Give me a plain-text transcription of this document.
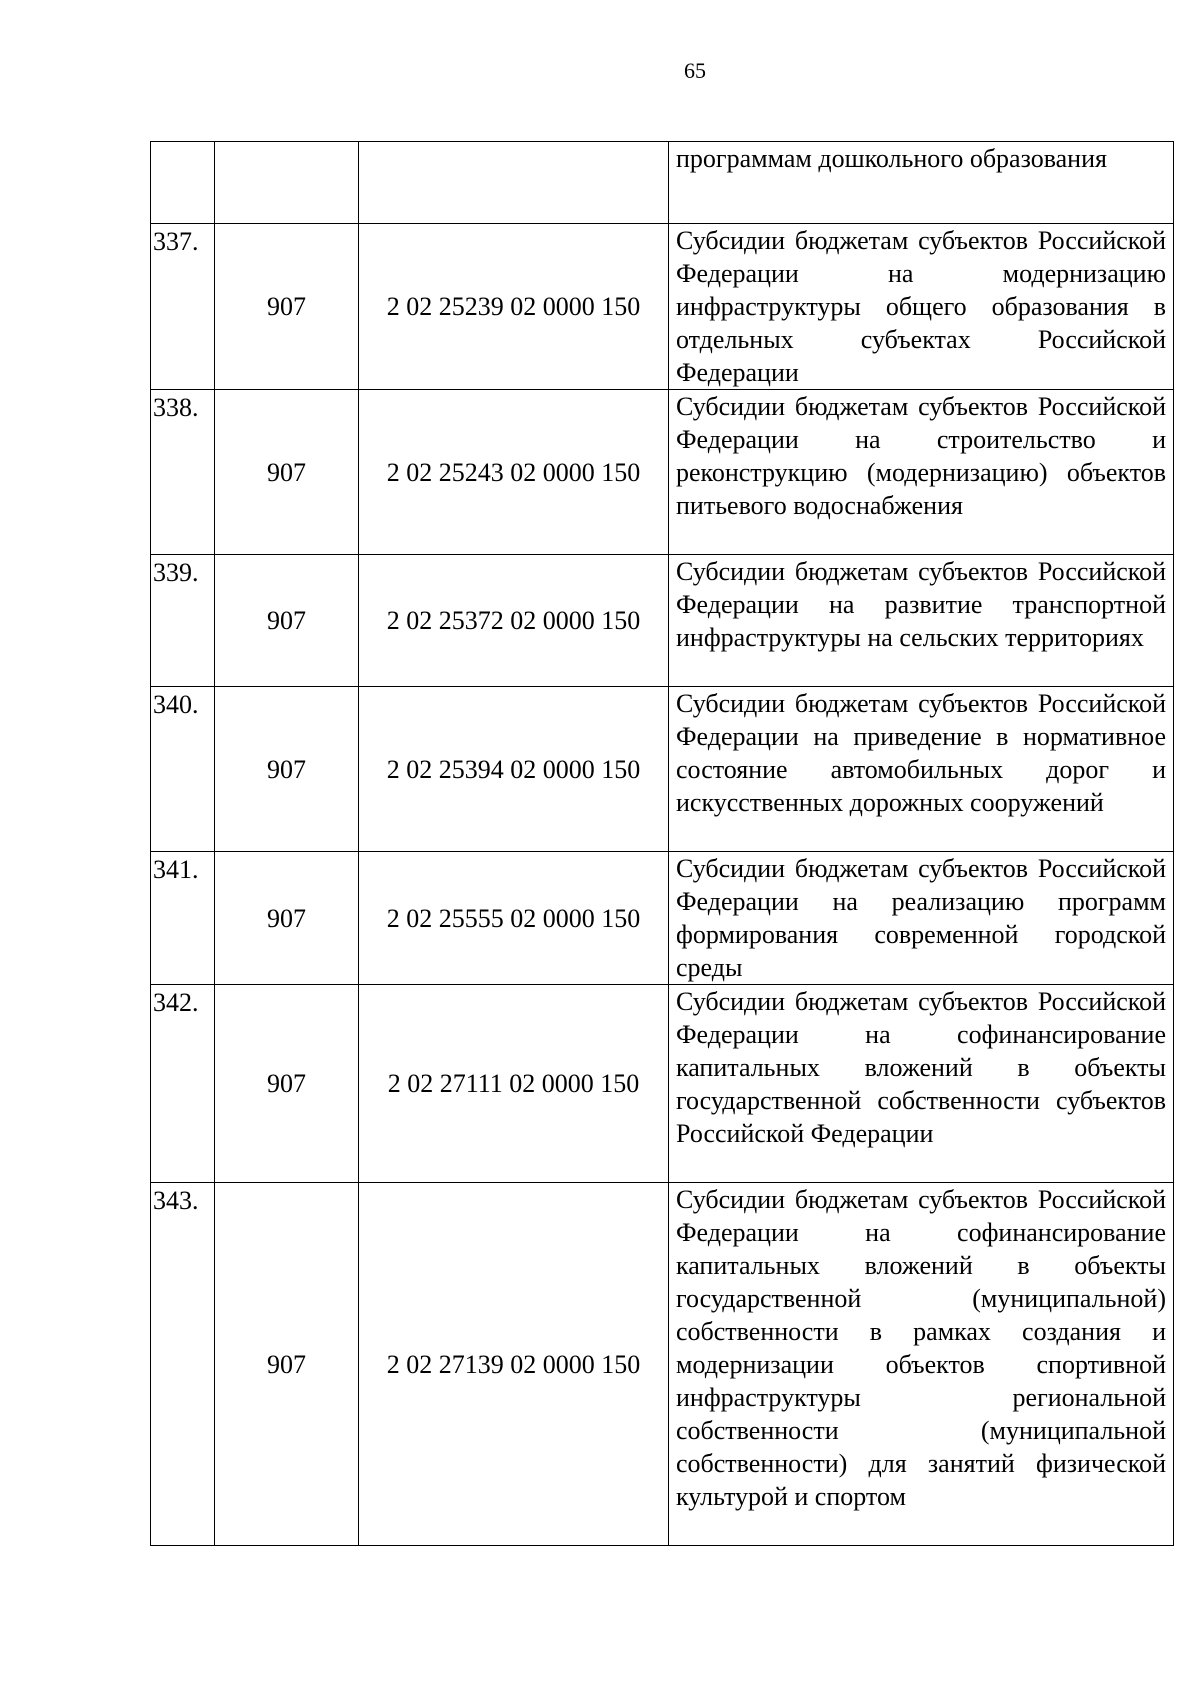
65

			программам дошкольного образования

337.	907	2 02 25239 02 0000 150	Субсидии бюджетам субъектов Российской Федерации на модернизацию инфраструктуры общего образования в отдельных субъектах Российской Федерации

338.	907	2 02 25243 02 0000 150	Субсидии бюджетам субъектов Российской Федерации на строительство и реконструкцию (модернизацию) объектов питьевого водоснабжения

339.	907	2 02 25372 02 0000 150	Субсидии бюджетам субъектов Российской Федерации на развитие транспортной инфраструктуры на сельских территориях

340.	907	2 02 25394 02 0000 150	Субсидии бюджетам субъектов Российской Федерации на приведение в нормативное состояние автомобильных дорог и искусственных дорожных сооружений

341.	907	2 02 25555 02 0000 150	Субсидии бюджетам субъектов Российской Федерации на реализацию программ формирования современной городской среды

342.	907	2 02 27111 02 0000 150	Субсидии бюджетам субъектов Российской Федерации на софинансирование капитальных вложений в объекты государственной собственности субъектов Российской Федерации

343.	907	2 02 27139 02 0000 150	Субсидии бюджетам субъектов Российской Федерации на софинансирование капитальных вложений в объекты государственной (муниципальной) собственности в рамках создания и модернизации объектов спортивной инфраструктуры региональной собственности (муниципальной собственности) для занятий физической культурой и спортом
